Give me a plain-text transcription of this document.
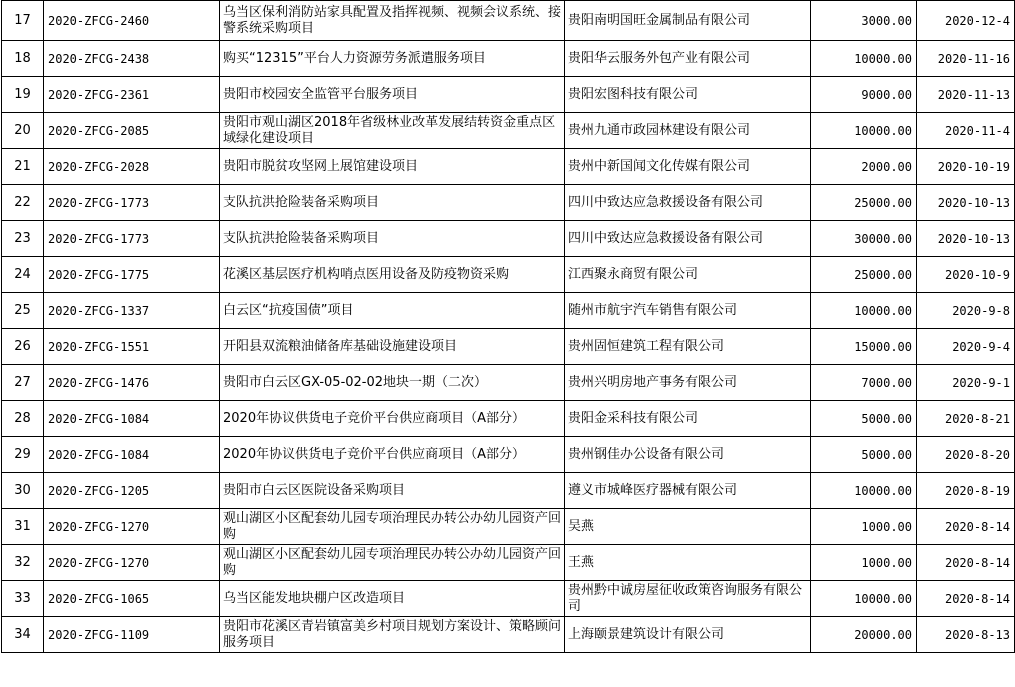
17	2020-ZFCG-2460	乌当区保利消防站家具配置及指挥视频、视频会议系统、接警系统采购项目	贵阳南明国旺金属制品有限公司	3000.00	2020-12-4
18	2020-ZFCG-2438	购买“12315”平台人力资源劳务派遣服务项目	贵阳华云服务外包产业有限公司	10000.00	2020-11-16
19	2020-ZFCG-2361	贵阳市校园安全监管平台服务项目	贵阳宏图科技有限公司	9000.00	2020-11-13
20	2020-ZFCG-2085	贵阳市观山湖区2018年省级林业改革发展结转资金重点区域绿化建设项目	贵州九通市政园林建设有限公司	10000.00	2020-11-4
21	2020-ZFCG-2028	贵阳市脱贫攻坚网上展馆建设项目	贵州中新国闻文化传媒有限公司	2000.00	2020-10-19
22	2020-ZFCG-1773	支队抗洪抢险装备采购项目	四川中致达应急救援设备有限公司	25000.00	2020-10-13
23	2020-ZFCG-1773	支队抗洪抢险装备采购项目	四川中致达应急救援设备有限公司	30000.00	2020-10-13
24	2020-ZFCG-1775	花溪区基层医疗机构哨点医用设备及防疫物资采购	江西聚永商贸有限公司	25000.00	2020-10-9
25	2020-ZFCG-1337	白云区“抗疫国债”项目	随州市航宇汽车销售有限公司	10000.00	2020-9-8
26	2020-ZFCG-1551	开阳县双流粮油储备库基础设施建设项目	贵州固恒建筑工程有限公司	15000.00	2020-9-4
27	2020-ZFCG-1476	贵阳市白云区GX-05-02-02地块一期（二次）	贵州兴明房地产事务有限公司	7000.00	2020-9-1
28	2020-ZFCG-1084	2020年协议供货电子竞价平台供应商项目（A部分）	贵阳金采科技有限公司	5000.00	2020-8-21
29	2020-ZFCG-1084	2020年协议供货电子竞价平台供应商项目（A部分）	贵州钢佳办公设备有限公司	5000.00	2020-8-20
30	2020-ZFCG-1205	贵阳市白云区医院设备采购项目	遵义市城峰医疗器械有限公司	10000.00	2020-8-19
31	2020-ZFCG-1270	观山湖区小区配套幼儿园专项治理民办转公办幼儿园资产回购	吴燕	1000.00	2020-8-14
32	2020-ZFCG-1270	观山湖区小区配套幼儿园专项治理民办转公办幼儿园资产回购	王燕	1000.00	2020-8-14
33	2020-ZFCG-1065	乌当区能发地块棚户区改造项目	贵州黔中诚房屋征收政策咨询服务有限公司	10000.00	2020-8-14
34	2020-ZFCG-1109	贵阳市花溪区青岩镇富美乡村项目规划方案设计、策略顾问服务项目	上海颐景建筑设计有限公司	20000.00	2020-8-13
